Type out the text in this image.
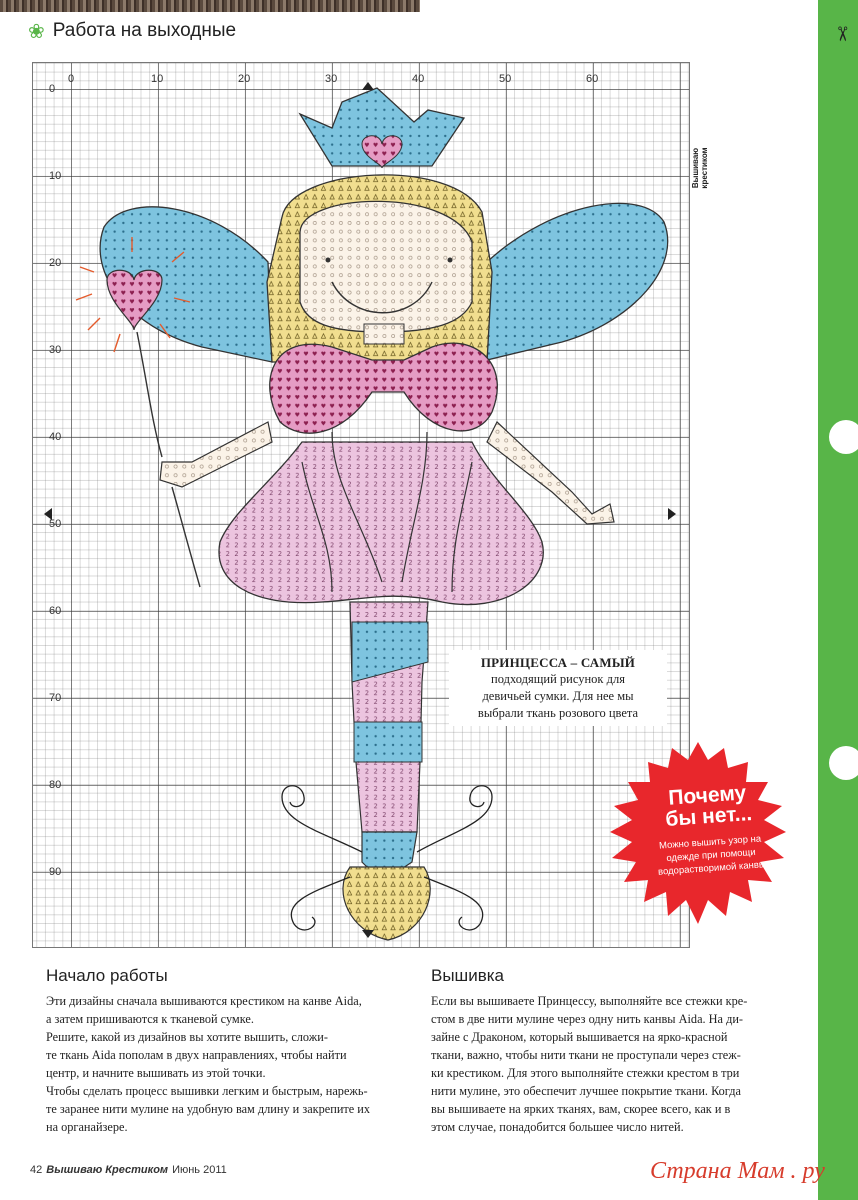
✂
❀ Работа на выходные
0	10	20	30	40	50	60
0
10
20
30
40
50
60
70
80
90
Вышиваю крестиком
ПРИНЦЕССА – САМЫЙ
подходящий рисунок для
девичьей сумки. Для нее мы
выбрали ткань розового цвета
Почему
бы нет...
Можно вышить узор на одежде при помощи водорастворимой канвы
Начало работы

Эти дизайны сначала вышиваются крестиком на канве Aida,

а затем пришиваются к тканевой сумке.

Решите, какой из дизайнов вы хотите вышить, сложи-

те ткань Aida пополам в двух направлениях, чтобы найти

центр, и начните вышивать из этой точки.

Чтобы сделать процесс вышивки легким и быстрым, нарежь-

те заранее нити мулине на удобную вам длину и закрепите их

на органайзере.

Вышивка

Если вы вышиваете Принцессу, выполняйте все стежки кре-

стом в две нити мулине через одну нить канвы Aida. На ди-

зайне с Драконом, который вышивается на ярко-красной

ткани, важно, чтобы нити ткани не проступали через стеж-

ки крестиком. Для этого выполняйте стежки крестом в три

нити мулине, это обеспечит лучшее покрытие ткани. Когда

вы вышиваете на ярких тканях, вам, скорее всего, как и в

этом случае, понадобится большее число нитей.

42 Вышиваю Крестиком Июнь 2011	Страна Мам . ру
